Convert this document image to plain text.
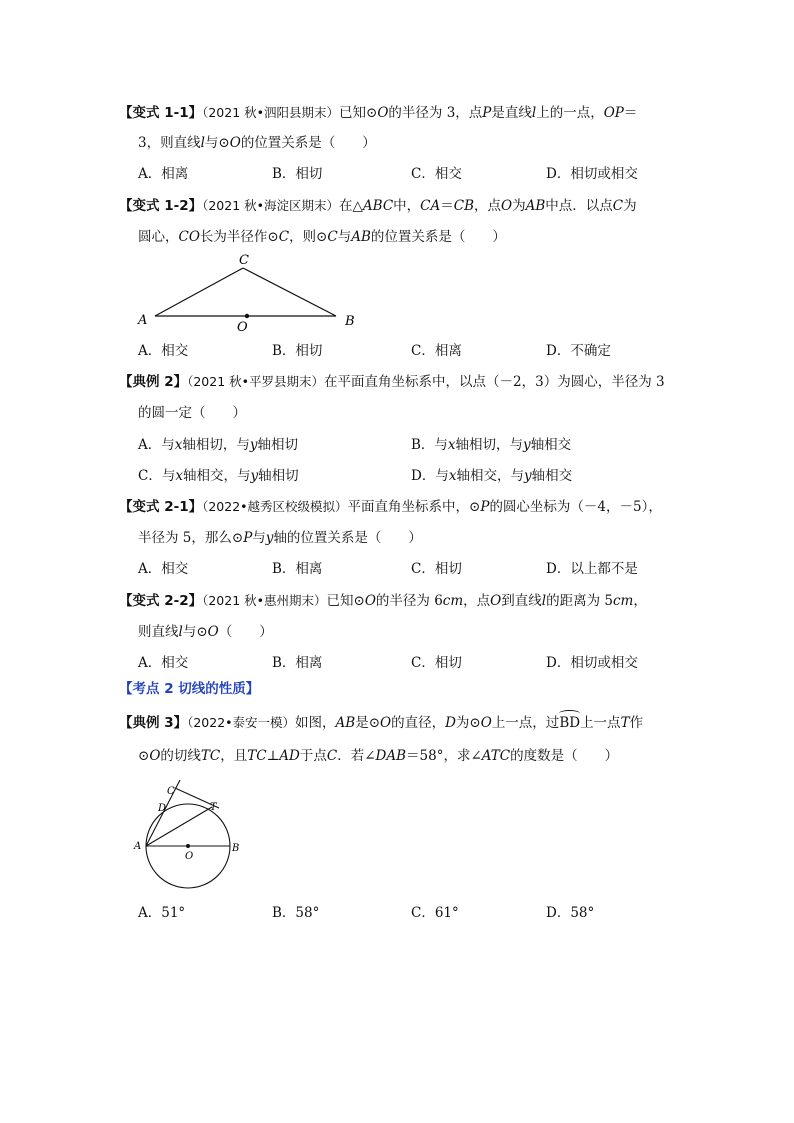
【变式 1-1】（2021 秋•泗阳县期末）已知⊙O的半径为 3，点P是直线l上的一点，OP＝
3，则直线l与⊙O的位置关系是（　　）
A．相离	B．相切	C．相交	D．相切或相交
【变式 1-2】（2021 秋•海淀区期末）在△ABC中，CA＝CB，点O为AB中点．以点C为
圆心，CO长为半径作⊙C，则⊙C与AB的位置关系是（　　）
A	B
C
O
A．相交	B．相切	C．相离	D．不确定
【典例 2】（2021 秋•平罗县期末）在平面直角坐标系中，以点（－2，3）为圆心，半径为 3
的圆一定（　　）
A．与x轴相切，与y轴相切	B．与x轴相切，与y轴相交
C．与x轴相交，与y轴相切	D．与x轴相交，与y轴相交
【变式 2-1】（2022•越秀区校级模拟）平面直角坐标系中，⊙P的圆心坐标为（－4，－5），
半径为 5，那么⊙P与y轴的位置关系是（　　）
A．相交	B．相离	C．相切	D．以上都不是
【变式 2-2】（2021 秋•惠州期末）已知⊙O的半径为 6cm，点O到直线l的距离为 5cm，
则直线l与⊙O（　　）
A．相交	B．相离	C．相切	D．相切或相交
【考点 2 切线的性质】
【典例 3】（2022•泰安一模）如图，AB是⊙O的直径，D为⊙O上一点，过BD上一点T作
⊙O的切线TC，且TC⊥AD于点C．若∠DAB＝58°，求∠ATC的度数是（　　）
A	B
C
D
O
T
A．51°	B．58°	C．61°	D．58°
